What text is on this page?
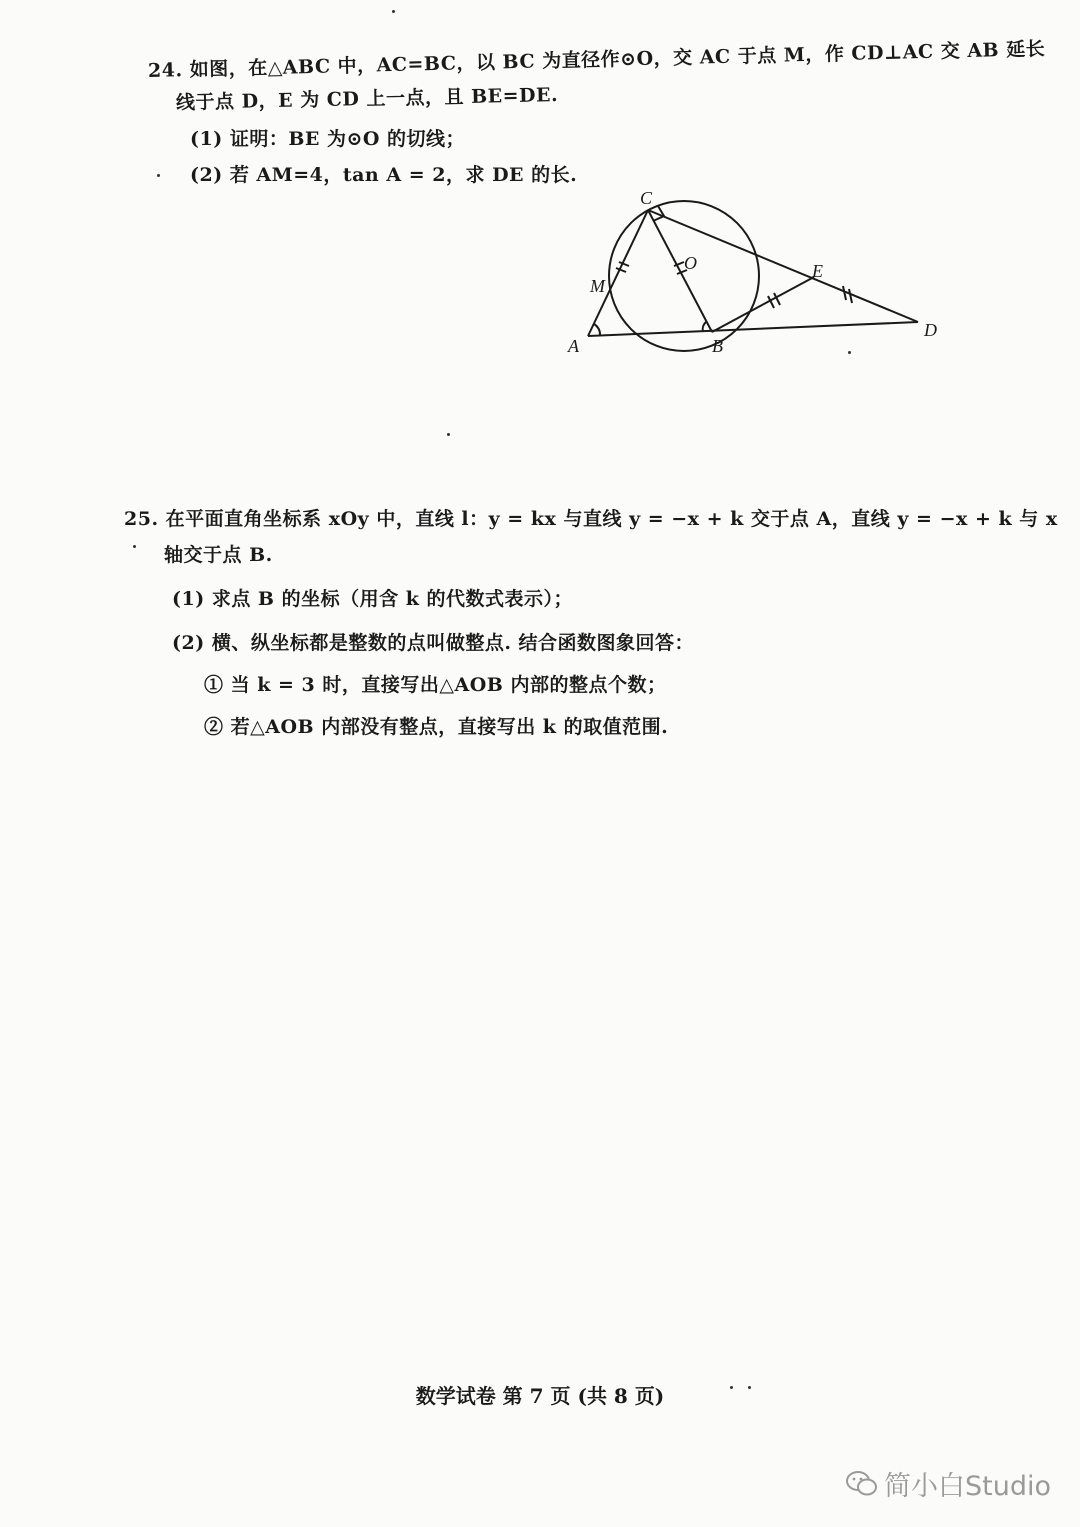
24. 如图，在△ABC 中，AC=BC，以 BC 为直径作⊙O，交 AC 于点 M，作 CD⊥AC 交 AB 延长
线于点 D，E 为 CD 上一点，且 BE=DE.
(1) 证明：BE 为⊙O 的切线；
(2) 若 AM=4，tan A = 2，求 DE 的长.
C
O
M
E
A	B
D
25. 在平面直角坐标系 xOy 中，直线 l：y = kx 与直线 y = −x + k 交于点 A，直线 y = −x + k 与 x
轴交于点 B.
(1) 求点 B 的坐标（用含 k 的代数式表示）；
(2) 横、纵坐标都是整数的点叫做整点. 结合函数图象回答：
① 当 k = 3 时，直接写出△AOB 内部的整点个数；
② 若△AOB 内部没有整点，直接写出 k 的取值范围.
数学试卷 第 7 页 (共 8 页)
简小白Studio
